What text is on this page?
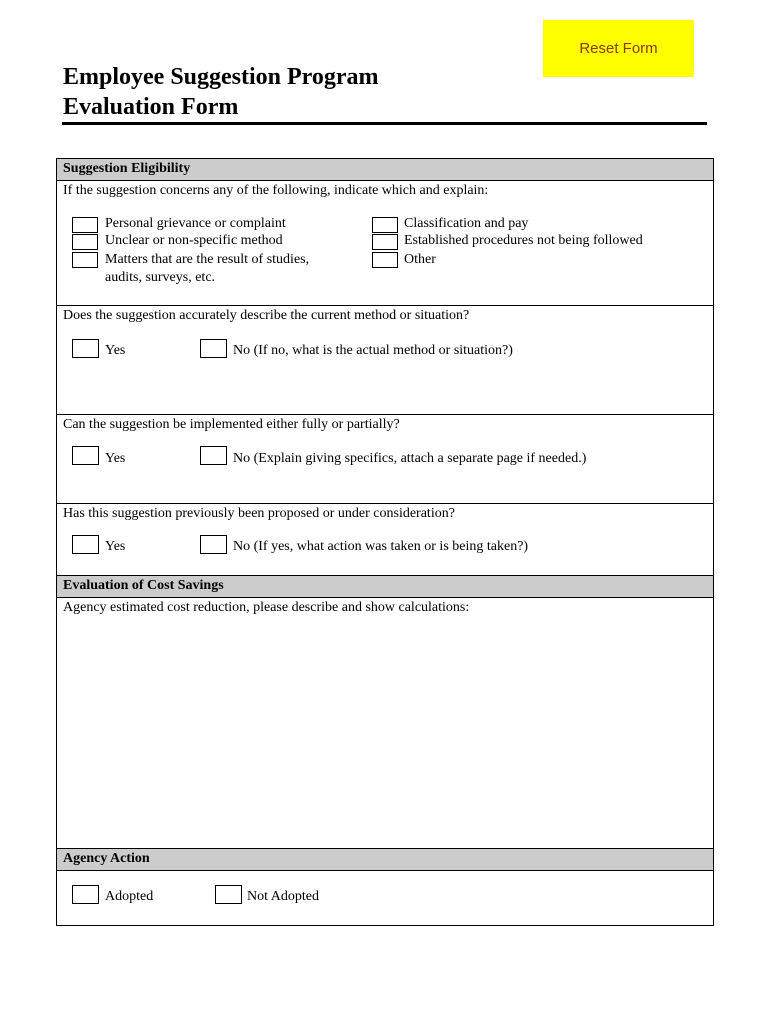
Reset Form
Employee Suggestion Program
Evaluation Form
Suggestion Eligibility
If the suggestion concerns any of the following, indicate which and explain:
Personal grievance or complaint
Unclear or non-specific method
Matters that are the result of studies,
audits, surveys, etc.
Classification and pay
Established procedures not being followed
Other
Does the suggestion accurately describe the current method or situation?
Yes	No (If no, what is the actual method or situation?)
Can the suggestion be implemented either fully or partially?
Yes	No (Explain giving specifics, attach a separate page if needed.)
Has this suggestion previously been proposed or under consideration?
Yes	No (If yes, what action was taken or is being taken?)
Evaluation of Cost Savings
Agency estimated cost reduction, please describe and show calculations:
Agency Action
Adopted	Not Adopted
